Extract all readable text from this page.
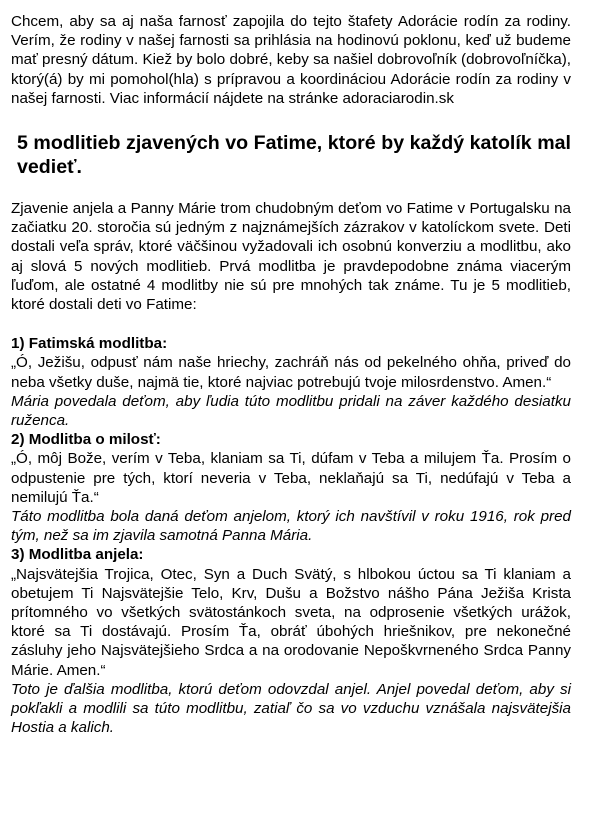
Chcem, aby sa aj naša farnosť zapojila do tejto štafety Adorácie rodín za rodiny. Verím, že rodiny v našej farnosti sa prihlásia na hodinovú poklonu, keď už budeme mať presný dátum. Kiež by bolo dobré, keby sa našiel dobrovoľník (dobrovoľníčka), ktorý(á) by mi pomohol(hla) s prípravou a koordináciou Adorácie rodín za rodiny v našej farnosti. Viac informácií nájdete na stránke adoraciarodin.sk

5 modlitieb zjavených vo Fatime, ktoré by každý katolík mal vedieť.

Zjavenie anjela a Panny Márie trom chudobným deťom vo Fatime v Portugalsku na začiatku 20. storočia sú jedným z najznámejších zázrakov v katolíckom svete. Deti dostali veľa správ, ktoré väčšinou vyžadovali ich osobnú konverziu a modlitbu, ako aj slová 5 nových modlitieb. Prvá modlitba je pravdepodobne známa viacerým ľuďom, ale ostatné 4 modlitby nie sú pre mnohých tak známe. Tu je 5 modlitieb, ktoré dostali deti vo Fatime:

1) Fatimská modlitba:

„Ó, Ježišu, odpusť nám naše hriechy, zachráň nás od pekelného ohňa, priveď do neba všetky duše, najmä tie, ktoré najviac potrebujú tvoje milosrdenstvo. Amen.“

Mária povedala deťom, aby ľudia túto modlitbu pridali na záver každého desiatku ruženca.

2) Modlitba o milosť:

„Ó, môj Bože, verím v Teba, klaniam sa Ti, dúfam v Teba a milujem Ťa. Prosím o odpustenie pre tých, ktorí neveria v Teba, neklaňajú sa Ti, nedúfajú v Teba a nemilujú Ťa.“

Táto modlitba bola daná deťom anjelom, ktorý ich navštívil v roku 1916, rok pred tým, než sa im zjavila samotná Panna Mária.

3) Modlitba anjela:

„Najsvätejšia Trojica, Otec, Syn a Duch Svätý, s hlbokou úctou sa Ti klaniam a obetujem Ti Najsvätejšie Telo, Krv, Dušu a Božstvo nášho Pána Ježiša Krista prítomného vo všetkých svätostánkoch sveta, na odprosenie všetkých urážok, ktoré sa Ti dostávajú. Prosím Ťa, obráť úbohých hriešnikov, pre nekonečné zásluhy jeho Najsvätejšieho Srdca a na orodovanie Nepoškvrneného Srdca Panny Márie. Amen.“

Toto je ďalšia modlitba, ktorú deťom odovzdal anjel. Anjel povedal deťom, aby si pokľakli a modlili sa túto modlitbu, zatiaľ čo sa vo vzduchu vznášala najsvätejšia Hostia a kalich.
